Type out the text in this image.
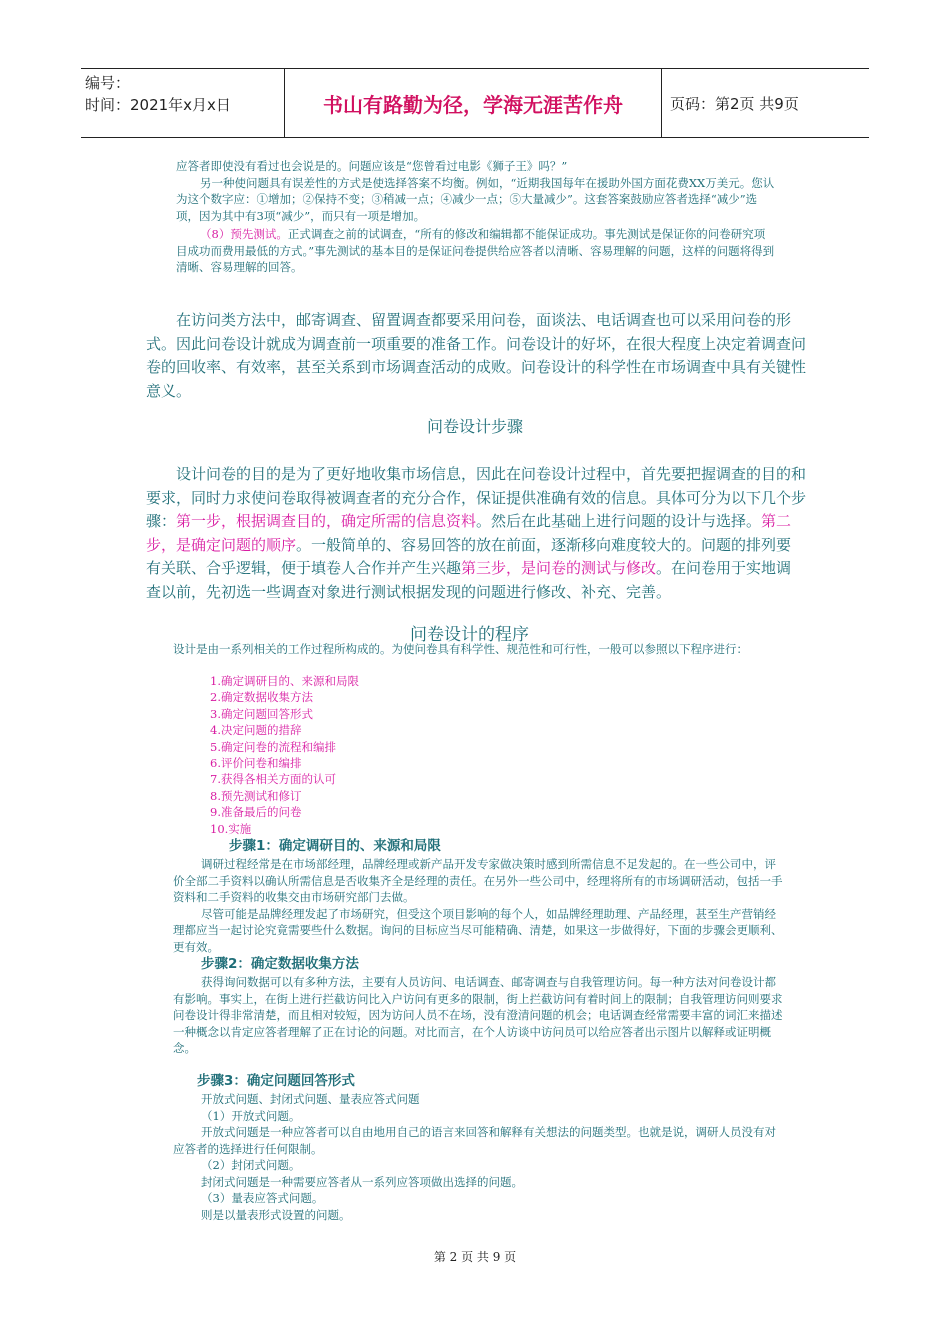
编号：
时间：2021年x月x日	书山有路勤为径，学海无涯苦作舟	页码：第2页 共9页

应答者即使没有看过也会说是的。问题应该是“您曾看过电影《狮子王》吗？”

另一种使问题具有误差性的方式是使选择答案不均衡。例如，“近期我国每年在援助外国方面花费XX万美元。您认为这个数字应：①增加；②保持不变；③稍减一点；④减少一点；⑤大量减少”。这套答案鼓励应答者选择“减少”选项，因为其中有3项“减少”，而只有一项是增加。

（8）预先测试。正式调查之前的试调查，“所有的修改和编辑都不能保证成功。事先测试是保证你的问卷研究项目成功而费用最低的方式。”事先测试的基本目的是保证问卷提供给应答者以清晰、容易理解的问题，这样的问题将得到清晰、容易理解的回答。

在访问类方法中，邮寄调查、留置调查都要采用问卷，面谈法、电话调查也可以采用问卷的形式。因此问卷设计就成为调查前一项重要的准备工作。问卷设计的好坏，在很大程度上决定着调查问卷的回收率、有效率，甚至关系到市场调查活动的成败。问卷设计的科学性在市场调查中具有关键性意义。
问卷设计步骤
设计问卷的目的是为了更好地收集市场信息，因此在问卷设计过程中，首先要把握调查的目的和要求，同时力求使问卷取得被调查者的充分合作，保证提供准确有效的信息。具体可分为以下几个步骤：第一步，根据调查目的，确定所需的信息资料。然后在此基础上进行问题的设计与选择。第二步，是确定问题的顺序。一般简单的、容易回答的放在前面，逐渐移向难度较大的。问题的排列要有关联、合乎逻辑，便于填卷人合作并产生兴趣第三步，是问卷的测试与修改。在问卷用于实地调查以前，先初选一些调查对象进行测试根据发现的问题进行修改、补充、完善。
问卷设计的程序
设计是由一系列相关的工作过程所构成的。为使问卷具有科学性、规范性和可行性，一般可以参照以下程序进行：
1.确定调研目的、来源和局限
2.确定数据收集方法
3.确定问题回答形式
4.决定问题的措辞
5.确定问卷的流程和编排
6.评价问卷和编排
7.获得各相关方面的认可
8.预先测试和修订
9.准备最后的问卷
10.实施
步骤1：确定调研目的、来源和局限

调研过程经常是在市场部经理，品牌经理或新产品开发专家做决策时感到所需信息不足发起的。在一些公司中，评价全部二手资料以确认所需信息是否收集齐全是经理的责任。在另外一些公司中，经理将所有的市场调研活动，包括一手资料和二手资料的收集交由市场研究部门去做。

尽管可能是品牌经理发起了市场研究，但受这个项目影响的每个人，如品牌经理助理、产品经理，甚至生产营销经理都应当一起讨论究竟需要些什么数据。询问的目标应当尽可能精确、清楚，如果这一步做得好，下面的步骤会更顺利、更有效。

步骤2：确定数据收集方法

获得询问数据可以有多种方法，主要有人员访问、电话调查、邮寄调查与自我管理访问。每一种方法对问卷设计都有影响。事实上，在街上进行拦截访问比入户访问有更多的限制，街上拦截访问有着时间上的限制；自我管理访问则要求问卷设计得非常清楚，而且相对较短，因为访问人员不在场，没有澄清问题的机会；电话调查经常需要丰富的词汇来描述一种概念以肯定应答者理解了正在讨论的问题。对比而言，在个人访谈中访问员可以给应答者出示图片以解释或证明概念。

步骤3：确定问题回答形式

开放式问题、封闭式问题、量表应答式问题

（1）开放式问题。

开放式问题是一种应答者可以自由地用自己的语言来回答和解释有关想法的问题类型。也就是说，调研人员没有对应答者的选择进行任何限制。

（2）封闭式问题。

封闭式问题是一种需要应答者从一系列应答项做出选择的问题。

（3）量表应答式问题。

则是以量表形式设置的问题。

第 2 页 共 9 页
